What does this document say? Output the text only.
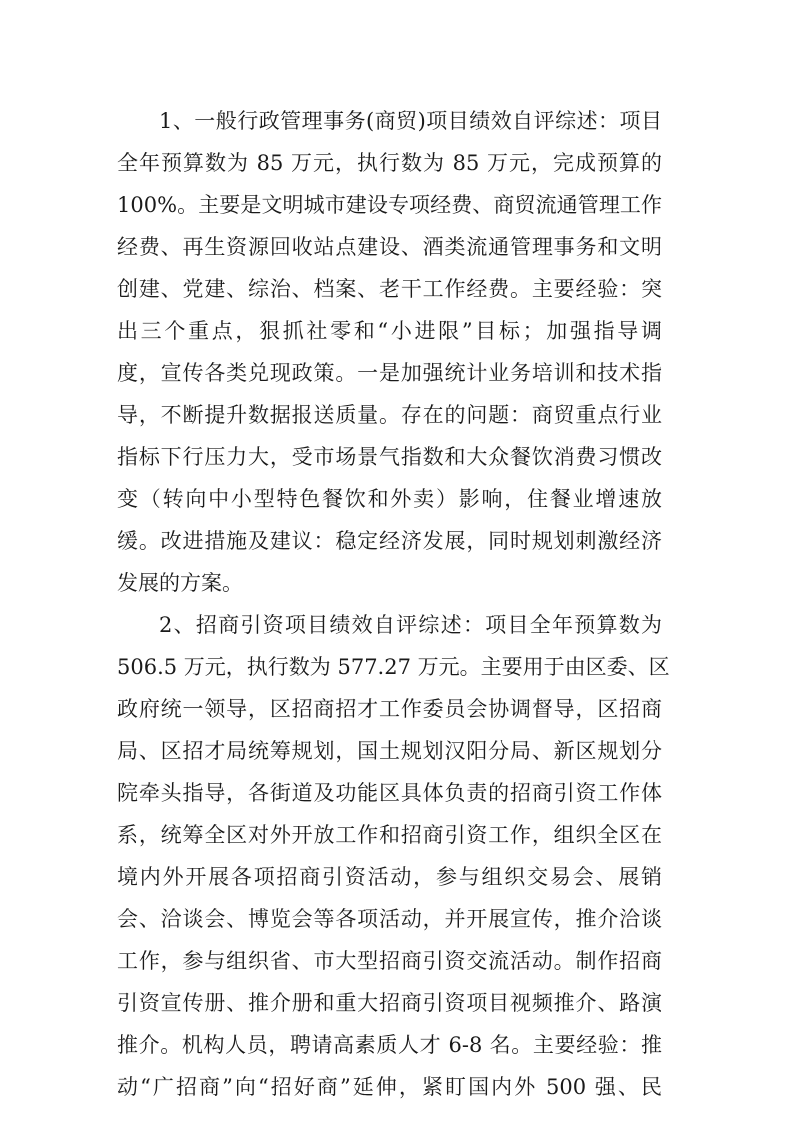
1、一般行政管理事务(商贸)项目绩效自评综述：项目
全年预算数为 85 万元，执行数为 85 万元，完成预算的
100%。主要是文明城市建设专项经费、商贸流通管理工作
经费、再生资源回收站点建设、酒类流通管理事务和文明
创建、党建、综治、档案、老干工作经费。主要经验：突
出三个重点，狠抓社零和“小进限”目标；加强指导调
度，宣传各类兑现政策。一是加强统计业务培训和技术指
导，不断提升数据报送质量。存在的问题：商贸重点行业
指标下行压力大，受市场景气指数和大众餐饮消费习惯改
变（转向中小型特色餐饮和外卖）影响，住餐业增速放
缓。改进措施及建议：稳定经济发展，同时规划刺激经济
发展的方案。
2、招商引资项目绩效自评综述：项目全年预算数为
506.5 万元，执行数为 577.27 万元。主要用于由区委、区
政府统一领导，区招商招才工作委员会协调督导，区招商
局、区招才局统筹规划，国土规划汉阳分局、新区规划分
院牵头指导，各街道及功能区具体负责的招商引资工作体
系，统筹全区对外开放工作和招商引资工作，组织全区在
境内外开展各项招商引资活动，参与组织交易会、展销
会、洽谈会、博览会等各项活动，并开展宣传，推介洽谈
工作，参与组织省、市大型招商引资交流活动。制作招商
引资宣传册、推介册和重大招商引资项目视频推介、路演
推介。机构人员，聘请高素质人才 6-8 名。主要经验：推
动“广招商”向“招好商”延伸，紧盯国内外 500 强、民
